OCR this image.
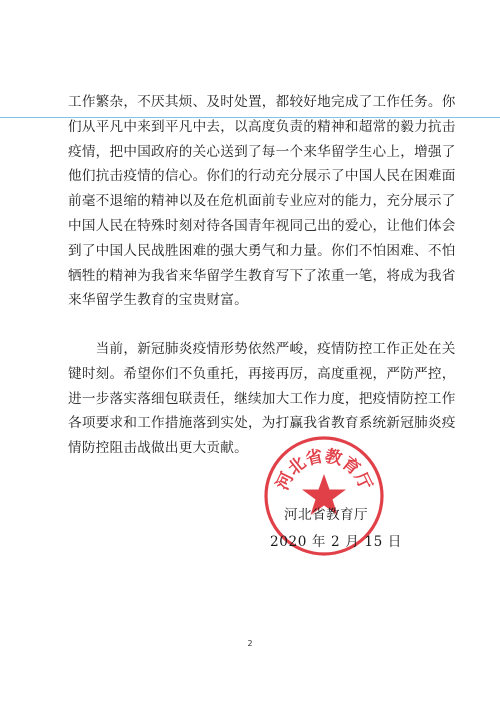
工作繁杂，不厌其烦、及时处置，都较好地完成了工作任务。你
们从平凡中来到平凡中去，以高度负责的精神和超常的毅力抗击
疫情，把中国政府的关心送到了每一个来华留学生心上，增强了
他们抗击疫情的信心。你们的行动充分展示了中国人民在困难面
前毫不退缩的精神以及在危机面前专业应对的能力，充分展示了
中国人民在特殊时刻对待各国青年视同己出的爱心，让他们体会
到了中国人民战胜困难的强大勇气和力量。你们不怕困难、不怕
牺牲的精神为我省来华留学生教育写下了浓重一笔，将成为我省
来华留学生教育的宝贵财富。
　　当前，新冠肺炎疫情形势依然严峻，疫情防控工作正处在关
键时刻。希望你们不负重托，再接再厉，高度重视，严防严控，
进一步落实落细包联责任，继续加大工作力度，把疫情防控工作
各项要求和工作措施落到实处，为打赢我省教育系统新冠肺炎疫
情防控阻击战做出更大贡献。
河北省教育厅
河北省教育厅
2020 年 2 月 15 日
2
